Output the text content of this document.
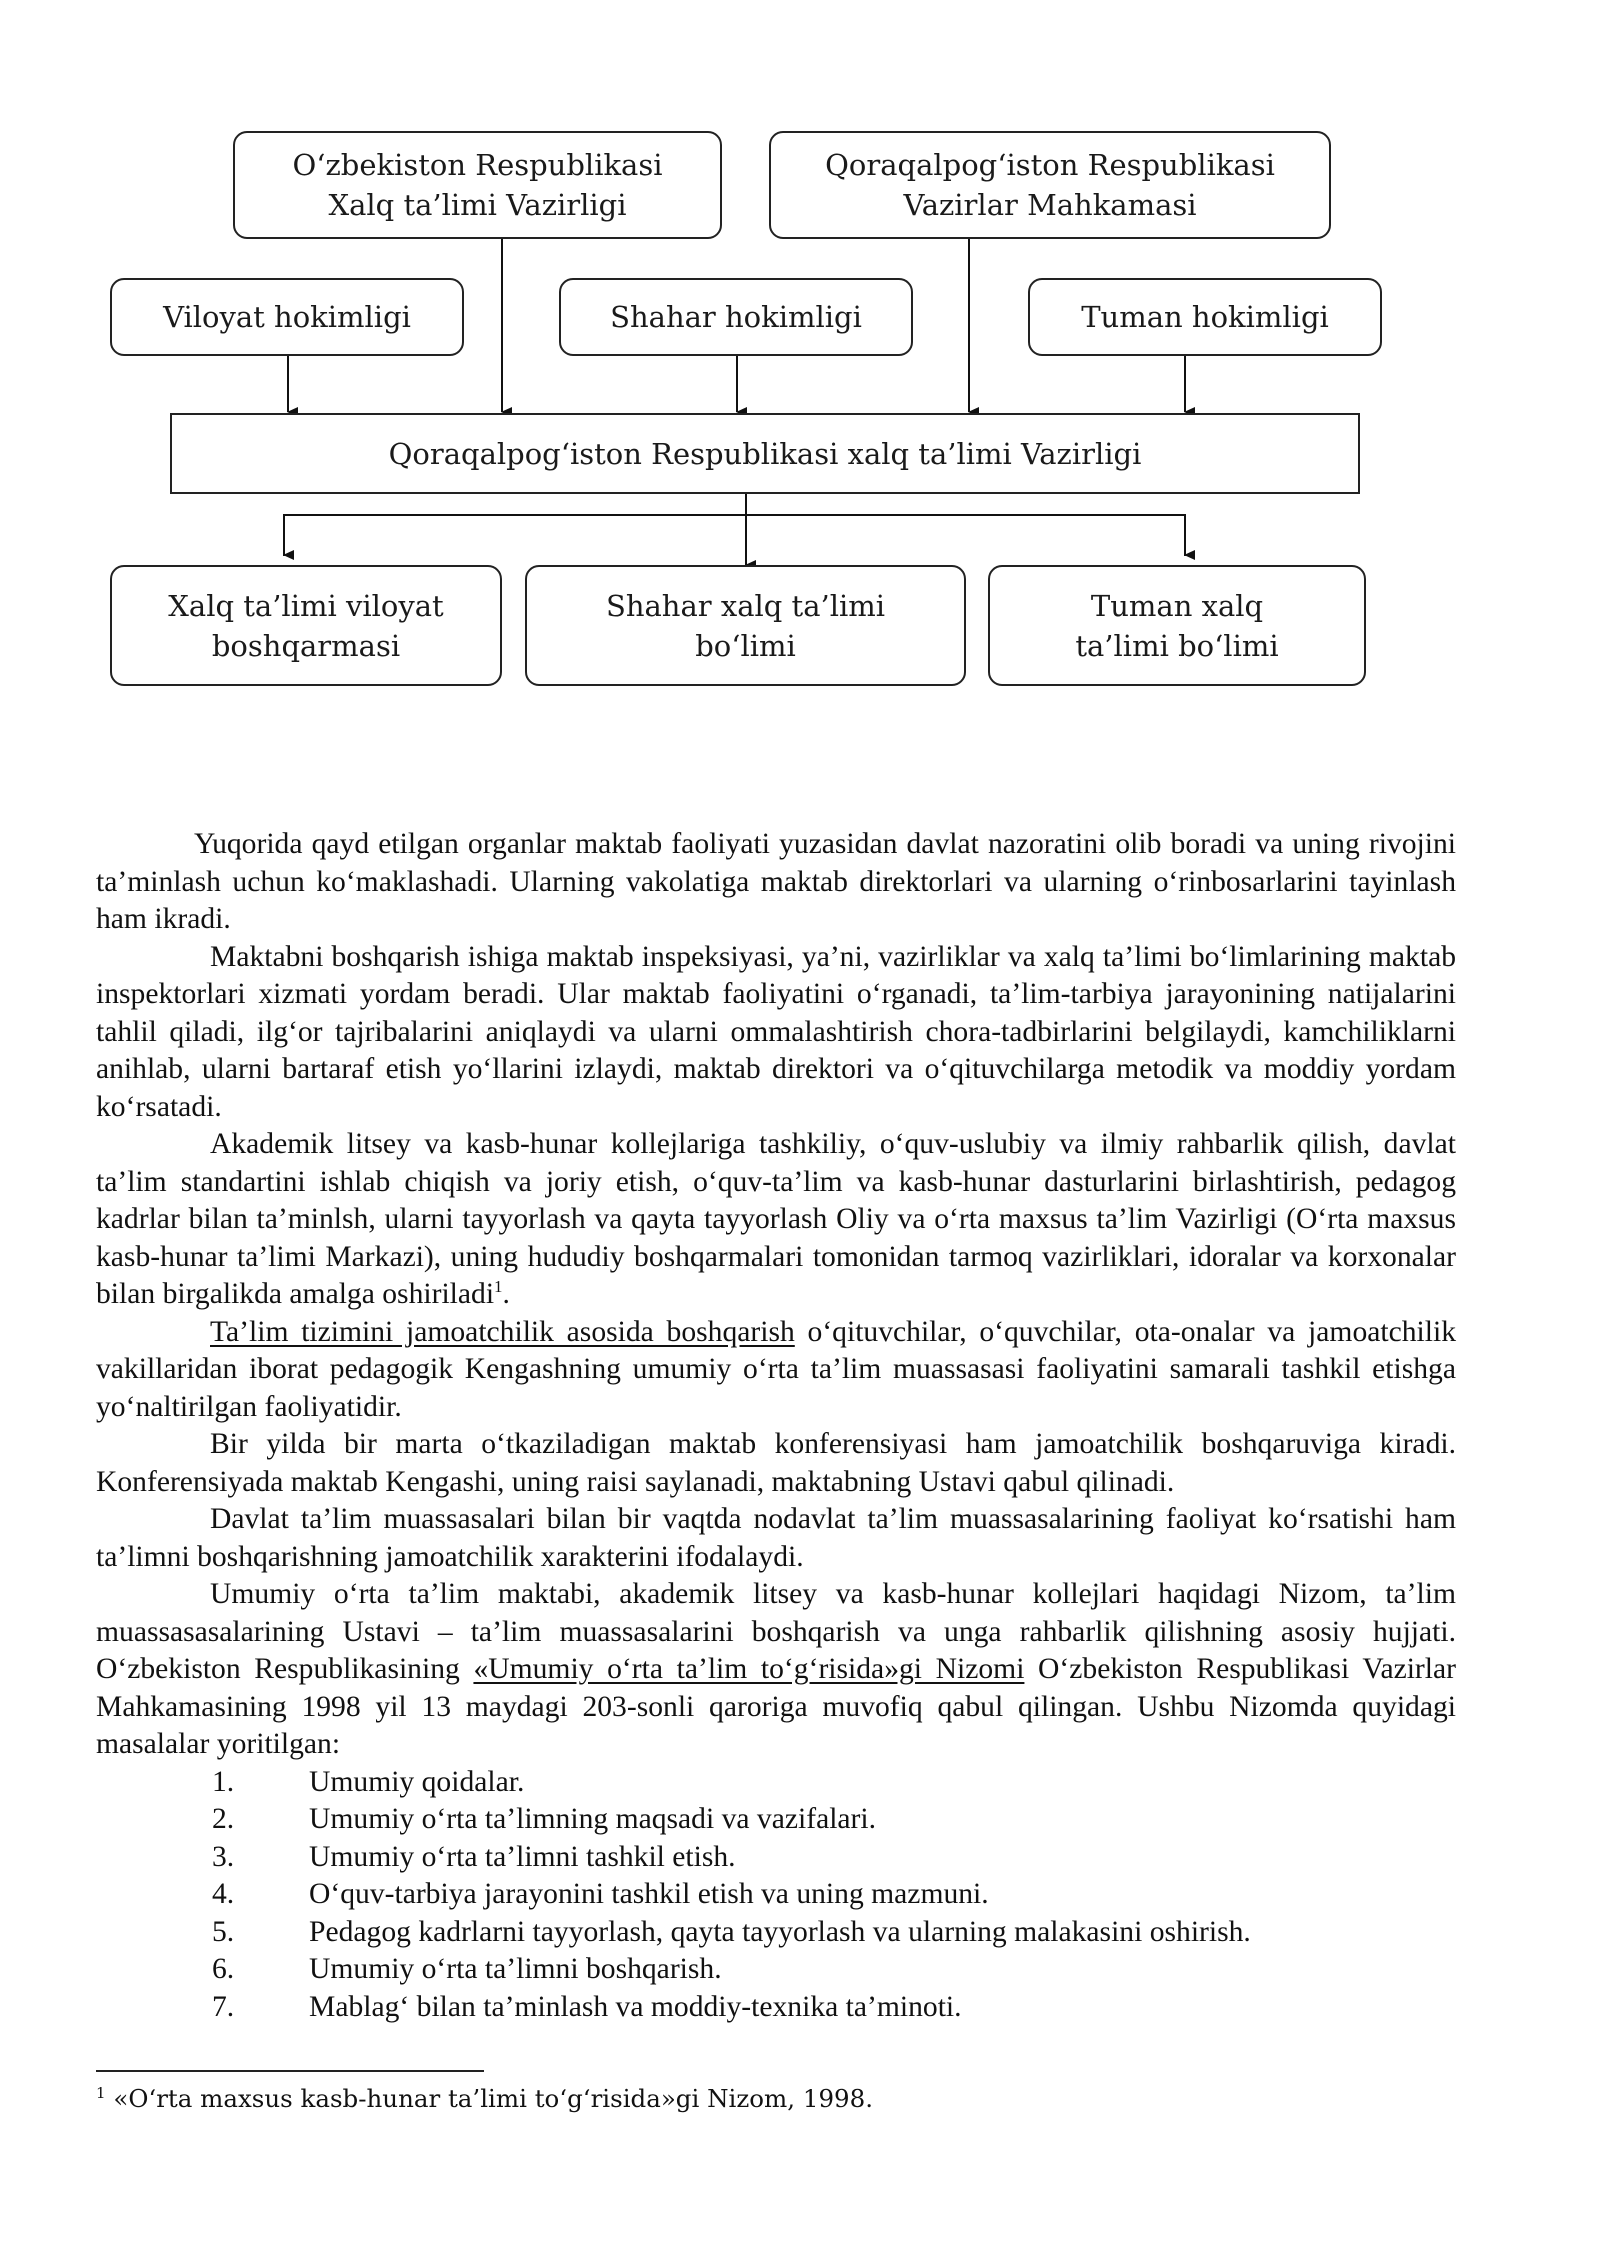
O‘zbekiston Respublikasi
Xalq ta’limi Vazirligi
Qoraqalpog‘iston Respublikasi
Vazirlar Mahkamasi
Viloyat hokimligi	Shahar hokimligi	Tuman hokimligi
Qoraqalpog‘iston Respublikasi xalq ta’limi Vazirligi
Xalq ta’limi viloyat
boshqarmasi
Shahar xalq ta’limi
bo‘limi
Tuman xalq
ta’limi bo‘limi

Yuqorida qayd etilgan organlar maktab faoliyati yuzasidan davlat nazoratini olib boradi va uning rivojini ta’minlash uchun ko‘maklashadi. Ularning vakolatiga maktab direktorlari va ularning o‘rinbosarlarini tayinlash ham ikradi.

Maktabni boshqarish ishiga maktab inspeksiyasi, ya’ni, vazirliklar va xalq ta’limi bo‘limlarining maktab inspektorlari xizmati yordam beradi. Ular maktab faoliyatini o‘rganadi, ta’lim-tarbiya jarayonining natijalarini tahlil qiladi, ilg‘or tajribalarini aniqlaydi va ularni ommalashtirish chora-tadbirlarini belgilaydi, kamchiliklarni anihlab, ularni bartaraf etish yo‘llarini izlaydi, maktab direktori va o‘qituvchilarga metodik va moddiy yordam ko‘rsatadi.

Akademik litsey va kasb-hunar kollejlariga tashkiliy, o‘quv-uslubiy va ilmiy rahbarlik qilish, davlat ta’lim standartini ishlab chiqish va joriy etish, o‘quv-ta’lim va kasb-hunar dasturlarini birlashtirish, pedagog kadrlar bilan ta’minlsh, ularni tayyorlash va qayta tayyorlash Oliy va o‘rta maxsus ta’lim Vazirligi (O‘rta maxsus kasb-hunar ta’limi Markazi), uning hududiy boshqarmalari tomonidan tarmoq vazirliklari, idoralar va korxonalar bilan birgalikda amalga oshiriladi$^1$.

Ta’lim tizimini jamoatchilik asosida boshqarish o‘qituvchilar, o‘quvchilar, ota-onalar va jamoatchilik vakillaridan iborat pedagogik Kengashning umumiy o‘rta ta’lim muassasasi faoliyatini samarali tashkil etishga yo‘naltirilgan faoliyatidir.

Bir yilda bir marta o‘tkaziladigan maktab konferensiyasi ham jamoatchilik boshqaruviga kiradi. Konferensiyada maktab Kengashi, uning raisi saylanadi, maktabning Ustavi qabul qilinadi.

Davlat ta’lim muassasalari bilan bir vaqtda nodavlat ta’lim muassasalarining faoliyat ko‘rsatishi ham ta’limni boshqarishning jamoatchilik xarakterini ifodalaydi.

Umumiy o‘rta ta’lim maktabi, akademik litsey va kasb-hunar kollejlari haqidagi Nizom, ta’lim muassasasalarining Ustavi – ta’lim muassasalarini boshqarish va unga rahbarlik qilishning asosiy hujjati. O‘zbekiston Respublikasining «Umumiy o‘rta ta’lim to‘g‘risida»gi Nizomi O‘zbekiston Respublikasi Vazirlar Mahkamasining 1998 yil 13 maydagi 203-sonli qaroriga muvofiq qabul qilingan. Ushbu Nizomda quyidagi masalalar yoritilgan:

1.	Umumiy qoidalar.
2.	Umumiy o‘rta ta’limning maqsadi va vazifalari.
3.	Umumiy o‘rta ta’limni tashkil etish.
4.	O‘quv-tarbiya jarayonini tashkil etish va uning mazmuni.
5.	Pedagog kadrlarni tayyorlash, qayta tayyorlash va ularning malakasini oshirish.
6.	Umumiy o‘rta ta’limni boshqarish.
7.	Mablag‘ bilan ta’minlash va moddiy-texnika ta’minoti.
$^1$ «O‘rta maxsus kasb-hunar ta’limi to‘g‘risida»gi Nizom, 1998.
